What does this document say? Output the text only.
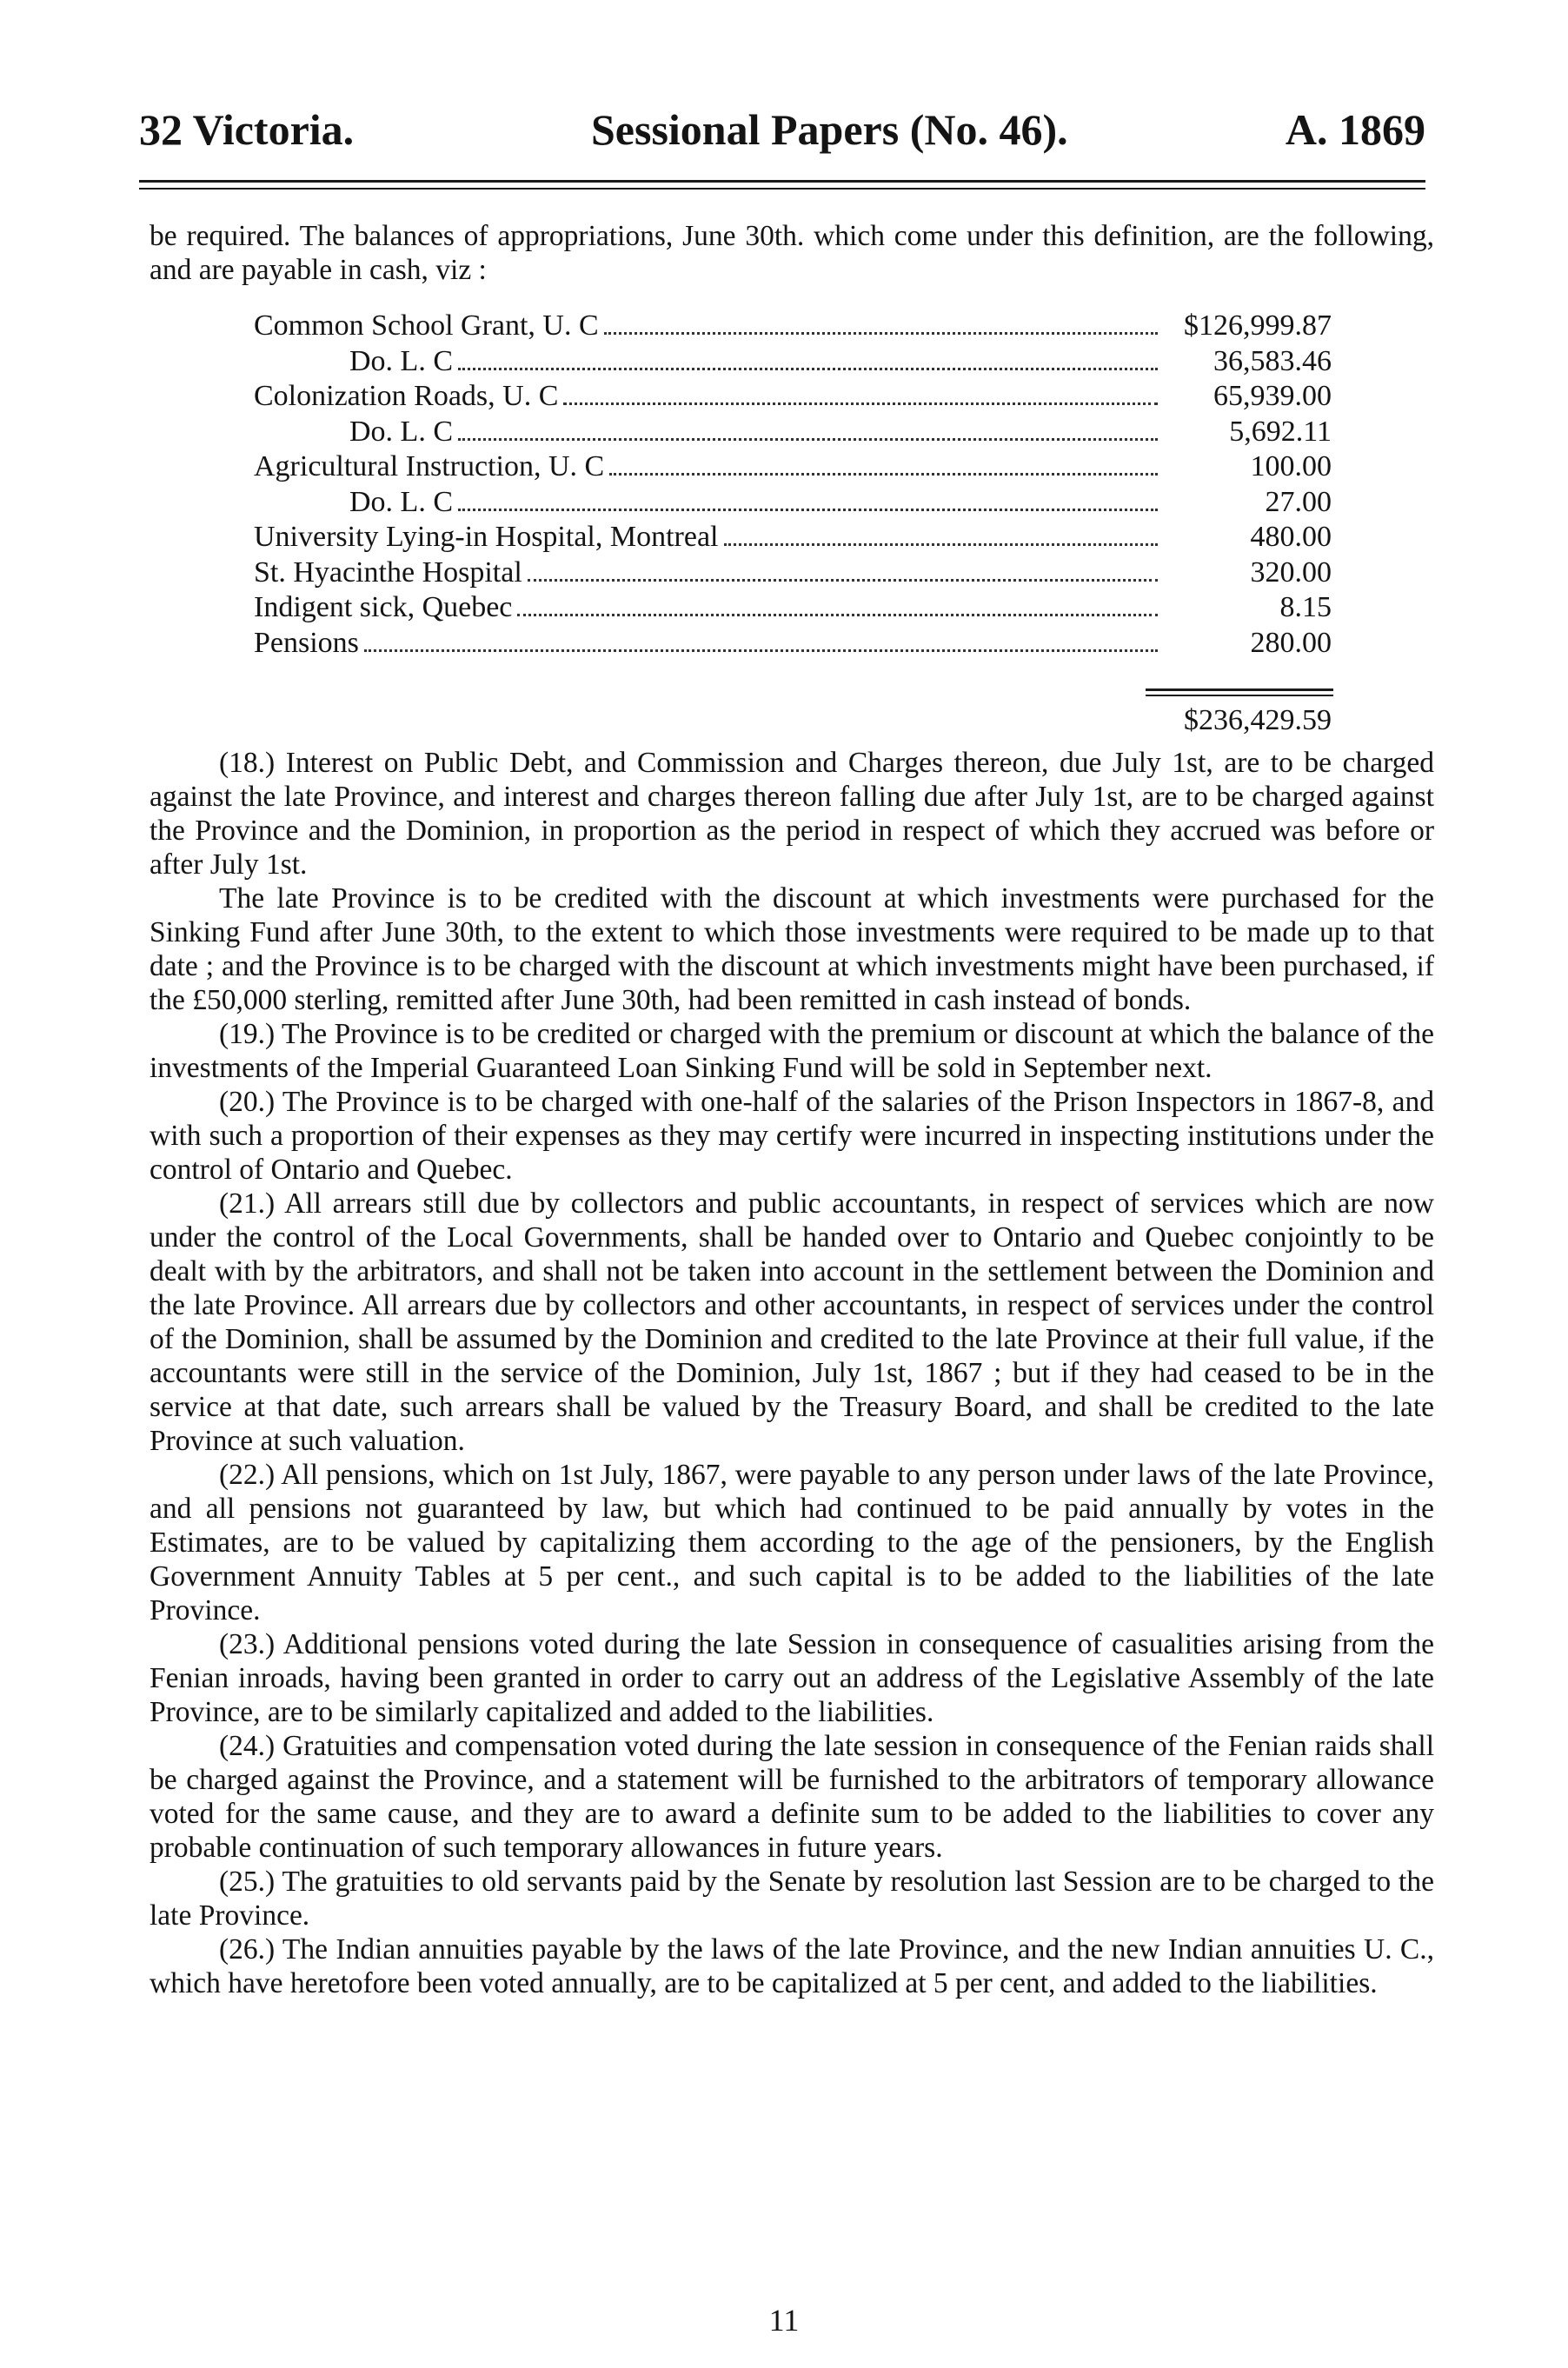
32 Victoria.	Sessional Papers (No. 46).	A. 1869

be required. The balances of appropriations, June 30th. which come under this definition, are the following, and are payable in cash, viz :

Common School Grant, U. C	$126,999.87
Do. L. C	36,583.46
Colonization Roads, U. C	65,939.00
Do. L. C	5,692.11
Agricultural Instruction, U. C	100.00
Do. L. C	27.00
University Lying-in Hospital, Montreal	480.00
St. Hyacinthe Hospital	320.00
Indigent sick, Quebec	8.15
Pensions	280.00
$236,429.59

(18.) Interest on Public Debt, and Commission and Charges thereon, due July 1st, are to be charged against the late Province, and interest and charges thereon falling due after July 1st, are to be charged against the Province and the Dominion, in proportion as the period in respect of which they accrued was before or after July 1st.

The late Province is to be credited with the discount at which investments were purchased for the Sinking Fund after June 30th, to the extent to which those investments were required to be made up to that date ; and the Province is to be charged with the discount at which investments might have been purchased, if the £50,000 sterling, remitted after June 30th, had been remitted in cash instead of bonds.

(19.) The Province is to be credited or charged with the premium or discount at which the balance of the investments of the Imperial Guaranteed Loan Sinking Fund will be sold in September next.

(20.) The Province is to be charged with one-half of the salaries of the Prison Inspectors in 1867-8, and with such a proportion of their expenses as they may certify were incurred in inspecting institutions under the control of Ontario and Quebec.

(21.) All arrears still due by collectors and public accountants, in respect of services which are now under the control of the Local Governments, shall be handed over to Ontario and Quebec conjointly to be dealt with by the arbitrators, and shall not be taken into account in the settlement between the Dominion and the late Province. All arrears due by collectors and other accountants, in respect of services under the control of the Dominion, shall be assumed by the Dominion and credited to the late Province at their full value, if the accountants were still in the service of the Dominion, July 1st, 1867 ; but if they had ceased to be in the service at that date, such arrears shall be valued by the Treasury Board, and shall be credited to the late Province at such valuation.

(22.) All pensions, which on 1st July, 1867, were payable to any person under laws of the late Province, and all pensions not guaranteed by law, but which had continued to be paid annually by votes in the Estimates, are to be valued by capitalizing them according to the age of the pensioners, by the English Government Annuity Tables at 5 per cent., and such capital is to be added to the liabilities of the late Province.

(23.) Additional pensions voted during the late Session in consequence of casualities arising from the Fenian inroads, having been granted in order to carry out an address of the Legislative Assembly of the late Province, are to be similarly capitalized and added to the liabilities.

(24.) Gratuities and compensation voted during the late session in consequence of the Fenian raids shall be charged against the Province, and a statement will be furnished to the arbitrators of temporary allowance voted for the same cause, and they are to award a definite sum to be added to the liabilities to cover any probable continuation of such temporary allowances in future years.

(25.) The gratuities to old servants paid by the Senate by resolution last Session are to be charged to the late Province.

(26.) The Indian annuities payable by the laws of the late Province, and the new Indian annuities U. C., which have heretofore been voted annually, are to be capitalized at 5 per cent, and added to the liabilities.

11
